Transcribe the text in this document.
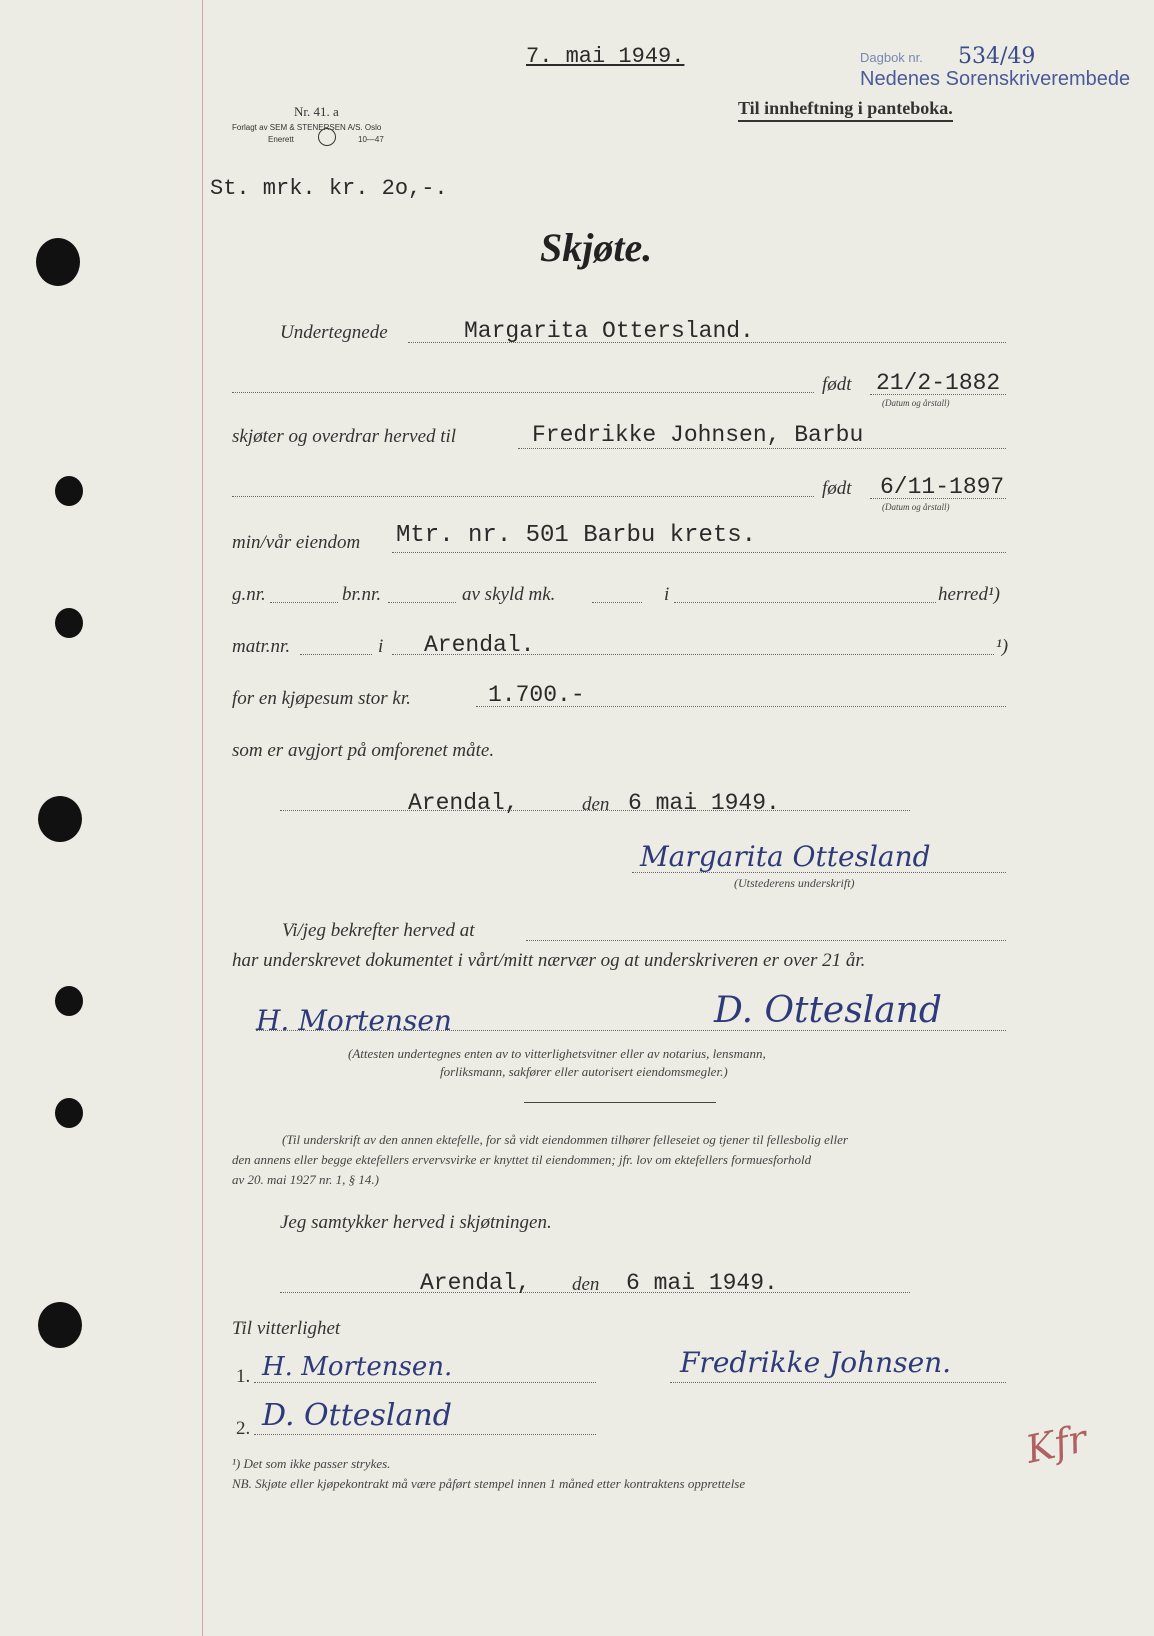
7. mai 1949.	Dagbok nr. 534/49
Nedenes Sorenskriverembede
Til innheftning i panteboka.
Nr. 41. a
Forlagt av SEM & STENERSEN A/S. Oslo
Enerett	10—47
St. mrk. kr. 2o,-.
Skjøte.
Undertegnede	Margarita Ottersland.
født 21/2-1882
(Datum og årstall)
skjøter og overdrar herved til	Fredrikke Johnsen, Barbu
født 6/11-1897
(Datum og årstall)
min/vår eiendom Mtr. nr. 501 Barbu krets.
g.nr.	br.nr.	av skyld mk.	i	herred¹)
matr.nr.	i Arendal.	¹)
for en kjøpesum stor kr.	1.700.-
som er avgjort på omforenet måte.
Arendal,	den 6 mai 1949.
Margarita Ottesland
(Utstederens underskrift)
Vi/jeg bekrefter herved at
har underskrevet dokumentet i vårt/mitt nærvær og at underskriveren er over 21 år.
H. Mortensen	D. Ottesland
(Attesten undertegnes enten av to vitterlighetsvitner eller av notarius, lensmann,
forliksmann, sakfører eller autorisert eiendomsmegler.)
(Til underskrift av den annen ektefelle, for så vidt eiendommen tilhører felleseiet og tjener til fellesbolig eller
den annens eller begge ektefellers ervervsvirke er knyttet til eiendommen; jfr. lov om ektefellers formuesforhold
av 20. mai 1927 nr. 1, § 14.)
Jeg samtykker herved i skjøtningen.
Arendal, den 6 mai 1949.
Til vitterlighet
1. H. Mortensen.	Fredrikke Johnsen.
2. D. Ottesland
Kfr
¹) Det som ikke passer strykes.
NB. Skjøte eller kjøpekontrakt må være påført stempel innen 1 måned etter kontraktens opprettelse
